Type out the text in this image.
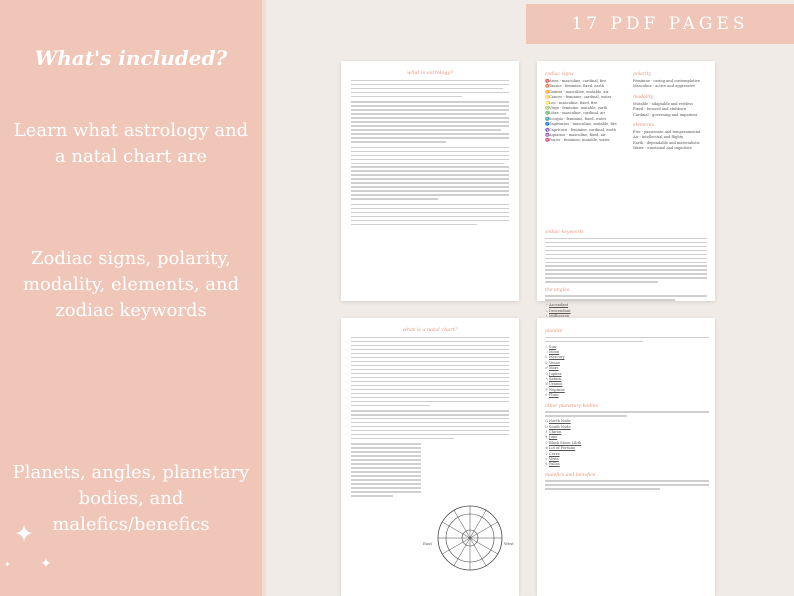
17 PDF PAGES
What's included?
Learn what astrology and a natal chart are
Zodiac signs, polarity, modality, elements, and zodiac keywords
Planets, angles, planetary bodies, and malefics/benefics
✦
✦
✦
what is astrology?	zodiac signs
♈Aries - masculine, cardinal, fire
♉Taurus - feminine, fixed, earth
♊Gemini - masculine, mutable, air
♋Cancer - feminine, cardinal, water
♌Leo - masculine, fixed, fire
♍Virgo - feminine, mutable, earth
♎Libra - masculine, cardinal, air
♏Scorpio - feminine, fixed, water
♐Sagittarius - masculine, mutable, fire
♑Capricorn - feminine, cardinal, earth
♒Aquarius - masculine, fixed, air
♓Pisces - feminine, mutable, water
polarity
Feminine - caring and contemplative
Masculine - active and aggressive
modality
Mutable - adaptable and restless
Fixed - focused and stubborn
Cardinal - governing and impatient
elements
Fire - passionate and temperamental
Air - intellectual and flighty
Earth - dependable and materialistic
Water - emotional and impulsive
zodiac keywords
the angles
↗Ascendant
↘Descendant
↑Midheaven
what is a natal chart?
East	West
planets
☉Sun
☽Moon
☿ Mercury
♀Venus
♂Mars
♃Jupiter
♄Saturn
♅Uranus
♆Neptune
♇Pluto
other planetary bodies
☊North Node
☋South Node
⚷Chiron
⚵Juno
⚸Black Moon Lilith
⊗Lot of Fortune
⚳Ceres
⚶Vesta
⚴Pallas
malefics and benefics
